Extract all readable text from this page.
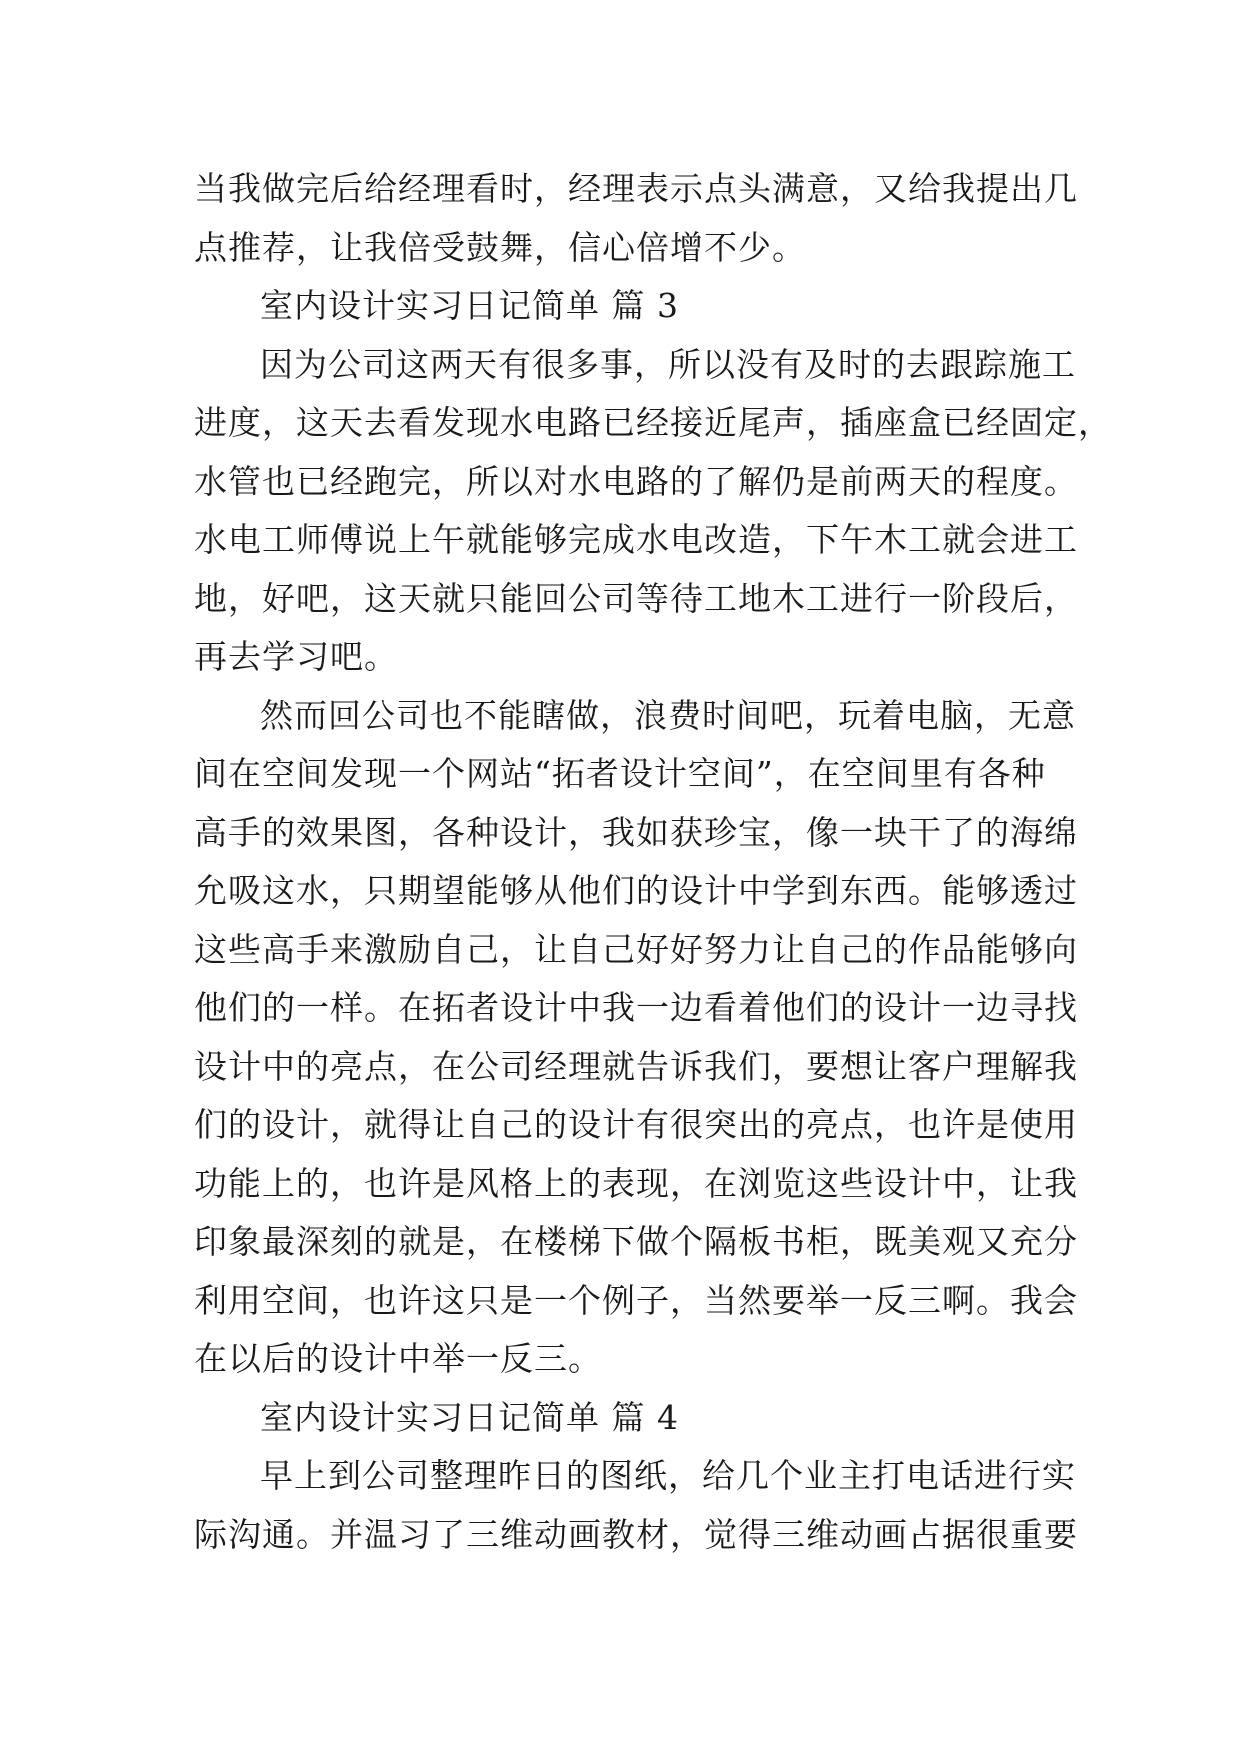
当我做完后给经理看时，经理表示点头满意，又给我提出几
点推荐，让我倍受鼓舞，信心倍增不少。
室内设计实习日记简单 篇 3
因为公司这两天有很多事，所以没有及时的去跟踪施工
进度，这天去看发现水电路已经接近尾声，插座盒已经固定，
水管也已经跑完，所以对水电路的了解仍是前两天的程度。
水电工师傅说上午就能够完成水电改造，下午木工就会进工
地，好吧，这天就只能回公司等待工地木工进行一阶段后，
再去学习吧。
然而回公司也不能瞎做，浪费时间吧，玩着电脑，无意
间在空间发现一个网站“拓者设计空间”，在空间里有各种
高手的效果图，各种设计，我如获珍宝，像一块干了的海绵
允吸这水，只期望能够从他们的设计中学到东西。能够透过
这些高手来激励自己，让自己好好努力让自己的作品能够向
他们的一样。在拓者设计中我一边看着他们的设计一边寻找
设计中的亮点，在公司经理就告诉我们，要想让客户理解我
们的设计，就得让自己的设计有很突出的亮点，也许是使用
功能上的，也许是风格上的表现，在浏览这些设计中，让我
印象最深刻的就是，在楼梯下做个隔板书柜，既美观又充分
利用空间，也许这只是一个例子，当然要举一反三啊。我会
在以后的设计中举一反三。
室内设计实习日记简单 篇 4
早上到公司整理昨日的图纸，给几个业主打电话进行实
际沟通。并温习了三维动画教材，觉得三维动画占据很重要
